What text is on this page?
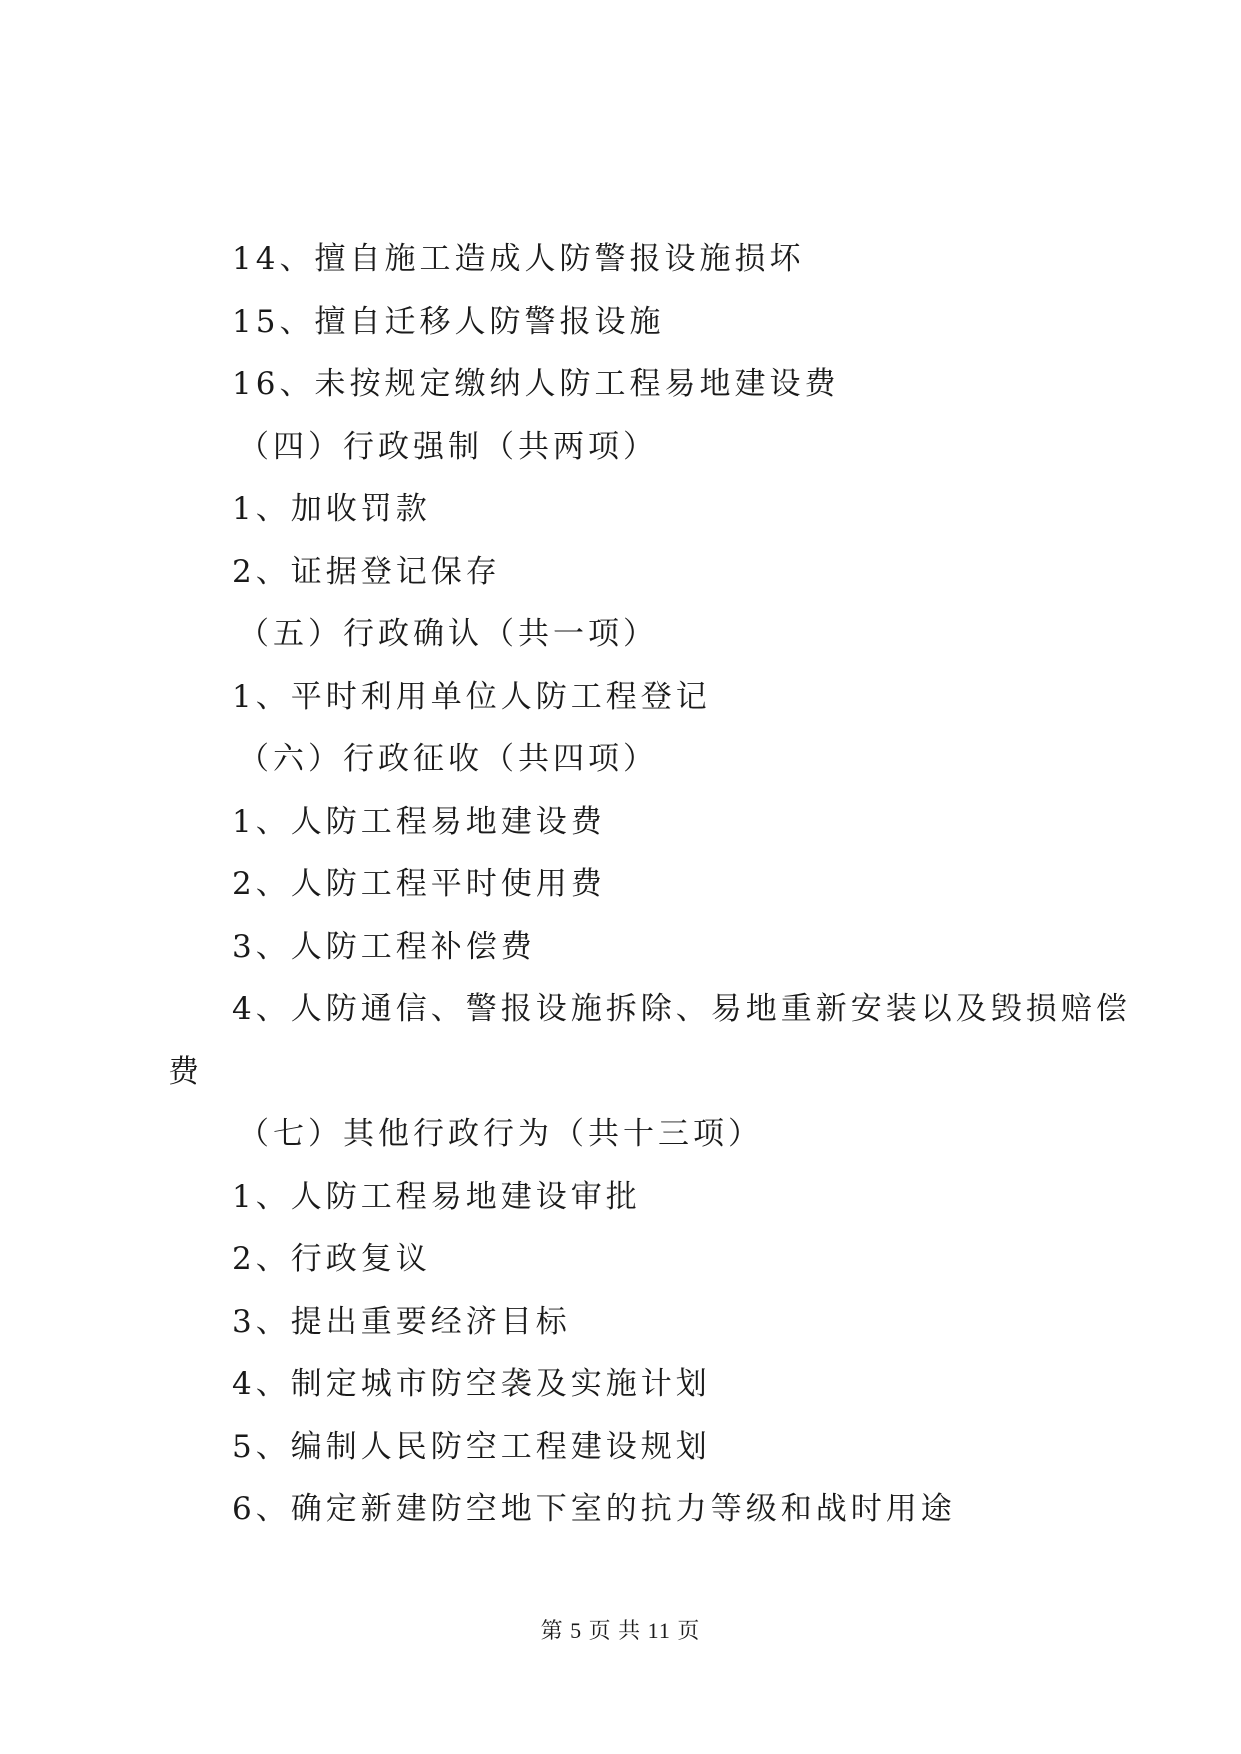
14、擅自施工造成人防警报设施损坏
15、擅自迁移人防警报设施
16、未按规定缴纳人防工程易地建设费
（四）行政强制（共两项）
1、加收罚款
2、证据登记保存
（五）行政确认（共一项）
1、平时利用单位人防工程登记
（六）行政征收（共四项）
1、人防工程易地建设费
2、人防工程平时使用费
3、人防工程补偿费
4、人防通信、警报设施拆除、易地重新安装以及毁损赔偿
费
（七）其他行政行为（共十三项）
1、人防工程易地建设审批
2、行政复议
3、提出重要经济目标
4、制定城市防空袭及实施计划
5、编制人民防空工程建设规划
6、确定新建防空地下室的抗力等级和战时用途
第 5 页 共 11 页
